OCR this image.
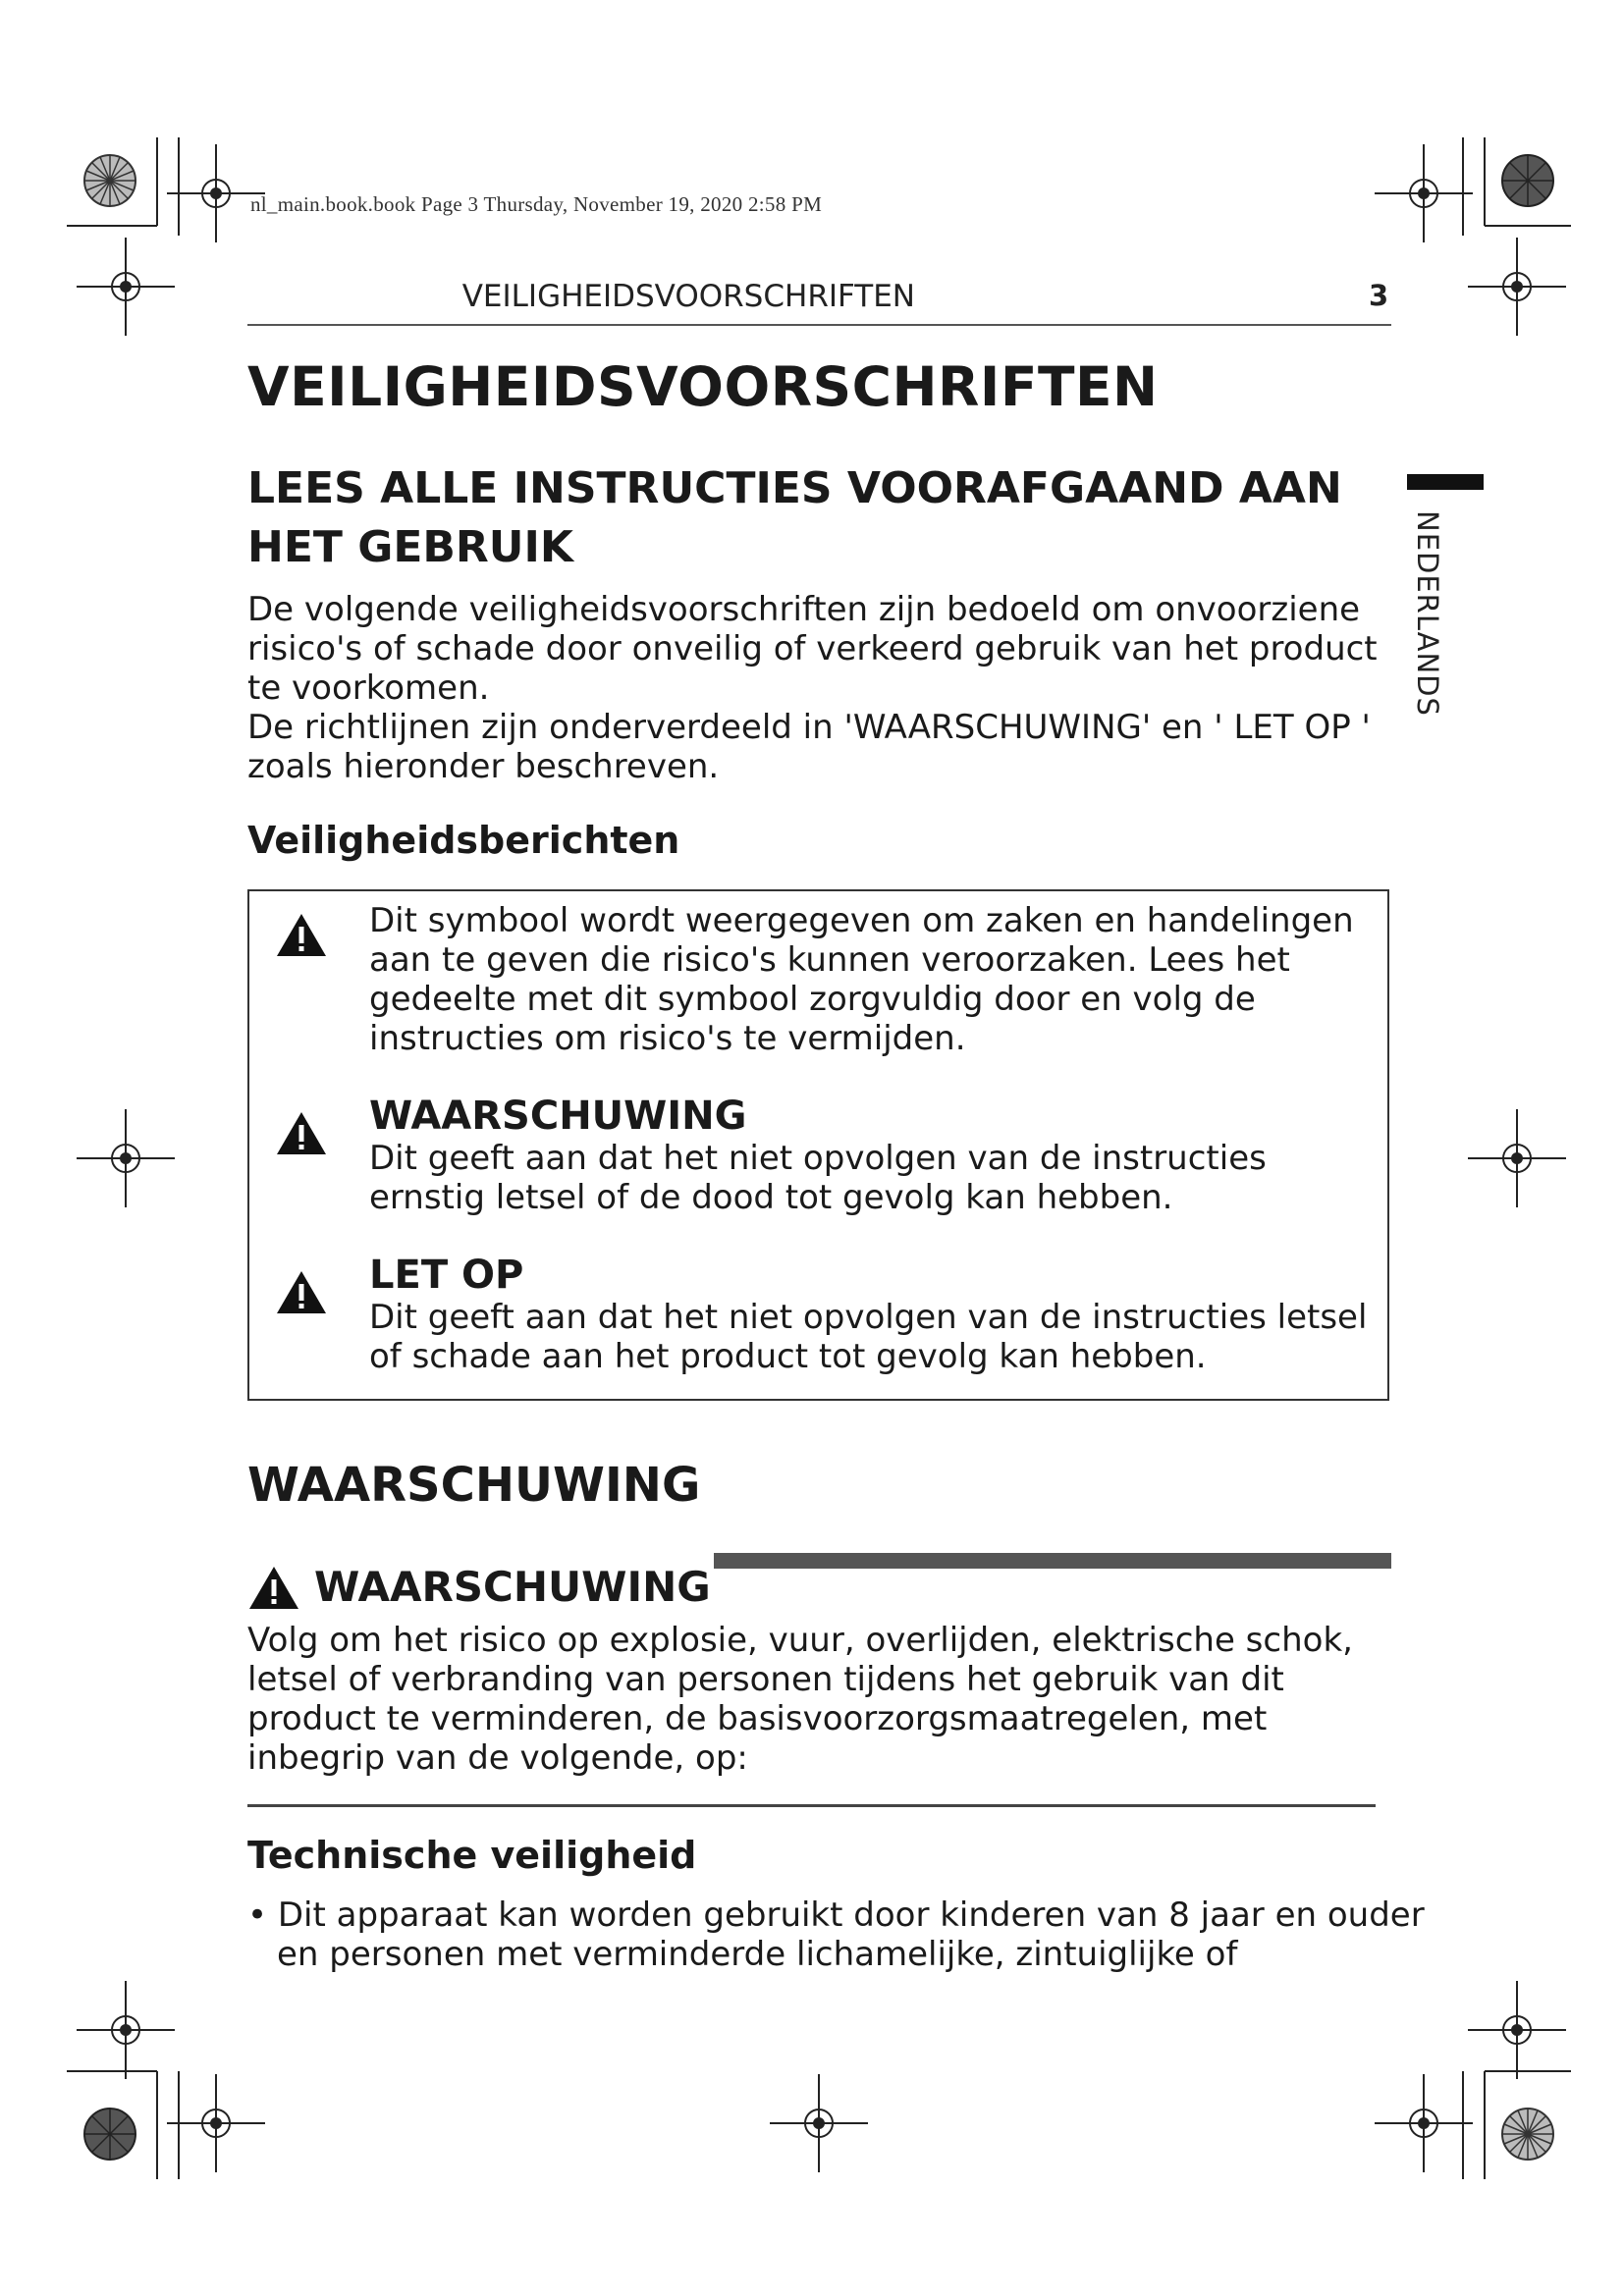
nl_main.book.book Page 3 Thursday, November 19, 2020 2:58 PM
VEILIGHEIDSVOORSCHRIFTEN	3
NEDERLANDS
VEILIGHEIDSVOORSCHRIFTEN
LEES ALLE INSTRUCTIES VOORAFGAAND AAN HET GEBRUIK

De volgende veiligheidsvoorschriften zijn bedoeld om onvoorziene risico's of schade door onveilig of verkeerd gebruik van het product te voorkomen.

De richtlijnen zijn onderverdeeld in 'WAARSCHUWING' en ' LET OP ' zoals hieronder beschreven.

Veiligheidsberichten
Dit symbool wordt weergegeven om zaken en handelingen aan te geven die risico's kunnen veroorzaken. Lees het gedeelte met dit symbool zorgvuldig door en volg de instructies om risico's te vermijden.
WAARSCHUWING
Dit geeft aan dat het niet opvolgen van de instructies ernstig letsel of de dood tot gevolg kan hebben.
LET OP
Dit geeft aan dat het niet opvolgen van de instructies letsel of schade aan het product tot gevolg kan hebben.
WAARSCHUWING
WAARSCHUWING
Volg om het risico op explosie, vuur, overlijden, elektrische schok, letsel of verbranding van personen tijdens het gebruik van dit product te verminderen, de basisvoorzorgsmaatregelen, met inbegrip van de volgende, op:
Technische veiligheid
• Dit apparaat kan worden gebruikt door kinderen van 8 jaar en ouder
en personen met verminderde lichamelijke, zintuiglijke of
